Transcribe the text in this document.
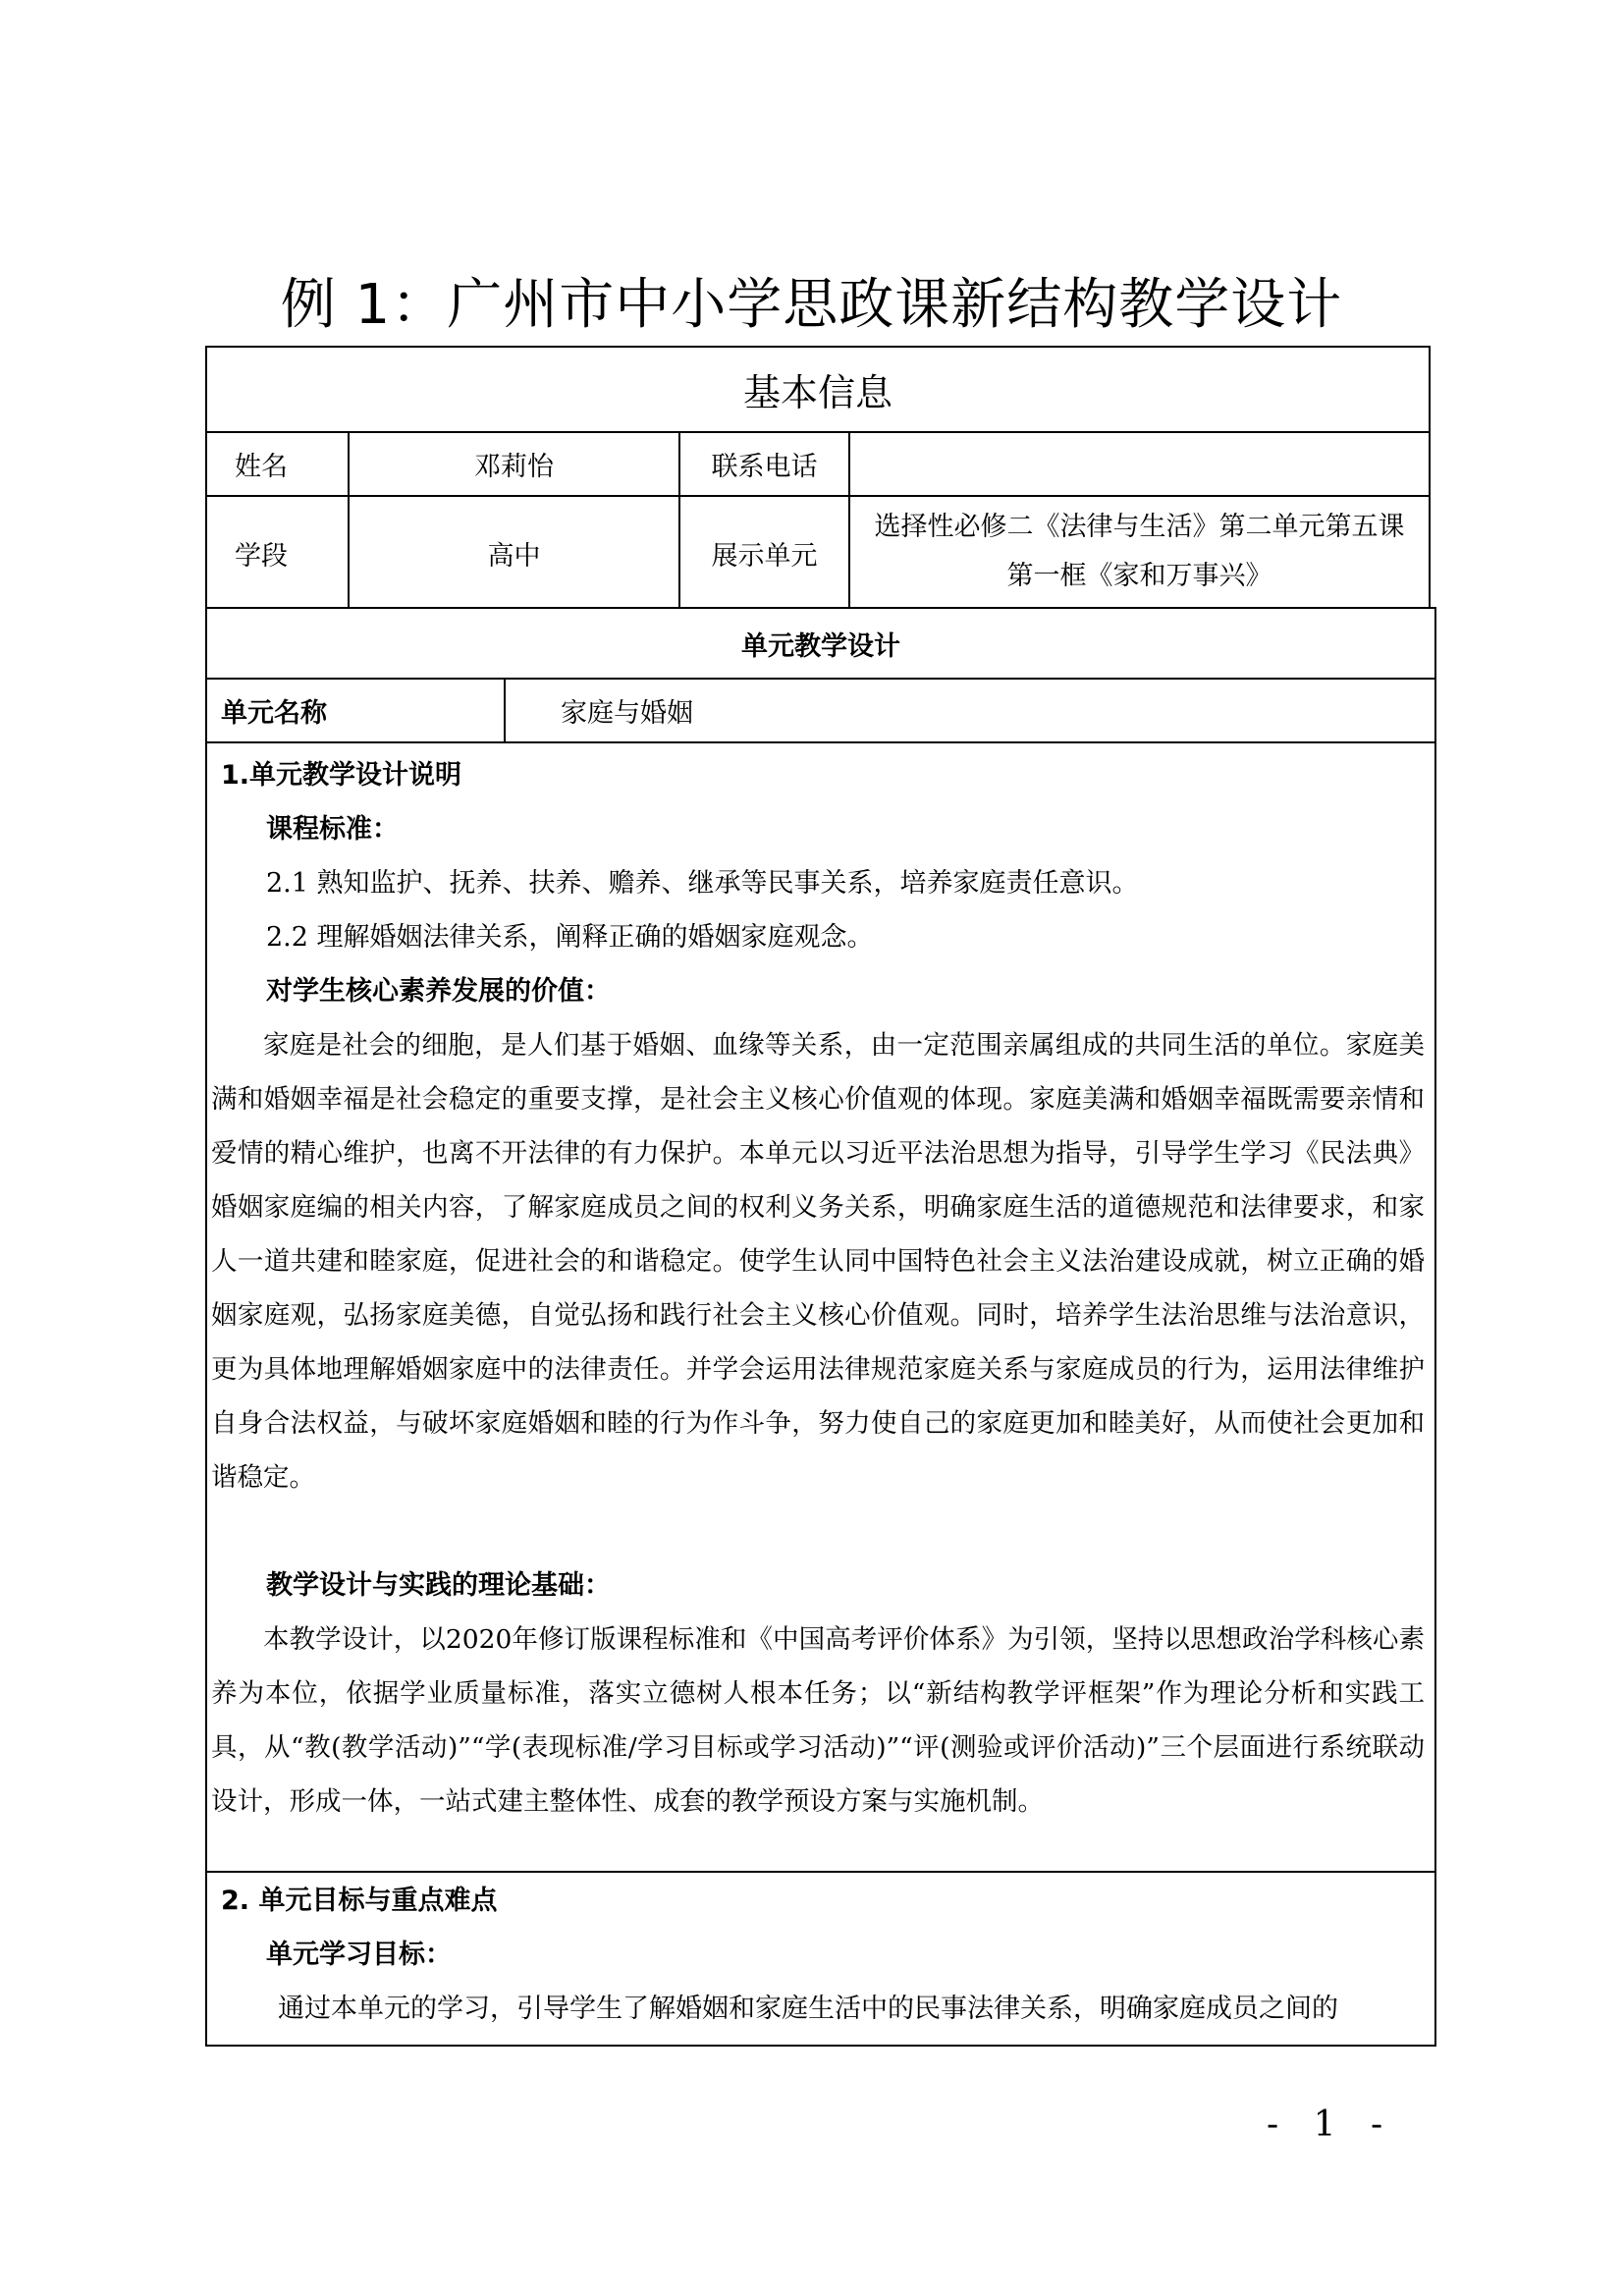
例 1：广州市中小学思政课新结构教学设计
基本信息
姓名	邓莉怡	联系电话
学段	高中	展示单元
选择性必修二《法律与生活》第二单元第五课
第一框《家和万事兴》
单元教学设计
单元名称	家庭与婚姻
1.单元教学设计说明
课程标准：
2.1 熟知监护、抚养、扶养、赡养、继承等民事关系，培养家庭责任意识。
2.2 理解婚姻法律关系，阐释正确的婚姻家庭观念。
对学生核心素养发展的价值：

家庭是社会的细胞，是人们基于婚姻、血缘等关系，由一定范围亲属组成的共同生活的单位。家庭美满和婚姻幸福是社会稳定的重要支撑，是社会主义核心价值观的体现。家庭美满和婚姻幸福既需要亲情和爱情的精心维护，也离不开法律的有力保护。本单元以习近平法治思想为指导，引导学生学习《民法典》婚姻家庭编的相关内容，了解家庭成员之间的权利义务关系，明确家庭生活的道德规范和法律要求，和家人一道共建和睦家庭，促进社会的和谐稳定。使学生认同中国特色社会主义法治建设成就，树立正确的婚姻家庭观，弘扬家庭美德，自觉弘扬和践行社会主义核心价值观。同时，培养学生法治思维与法治意识，更为具体地理解婚姻家庭中的法律责任。并学会运用法律规范家庭关系与家庭成员的行为，运用法律维护自身合法权益，与破坏家庭婚姻和睦的行为作斗争，努力使自己的家庭更加和睦美好，从而使社会更加和谐稳定。

教学设计与实践的理论基础：

本教学设计，以2020年修订版课程标准和《中国高考评价体系》为引领，坚持以思想政治学科核心素养为本位，依据学业质量标准，落实立德树人根本任务；以“新结构教学评框架”作为理论分析和实践工具，从“教(教学活动)”“学(表现标准/学习目标或学习活动)”“评(测验或评价活动)”三个层面进行系统联动设计，形成一体，一站式建主整体性、成套的教学预设方案与实施机制。

2. 单元目标与重点难点
单元学习目标：
通过本单元的学习，引导学生了解婚姻和家庭生活中的民事法律关系，明确家庭成员之间的
- 1 -
